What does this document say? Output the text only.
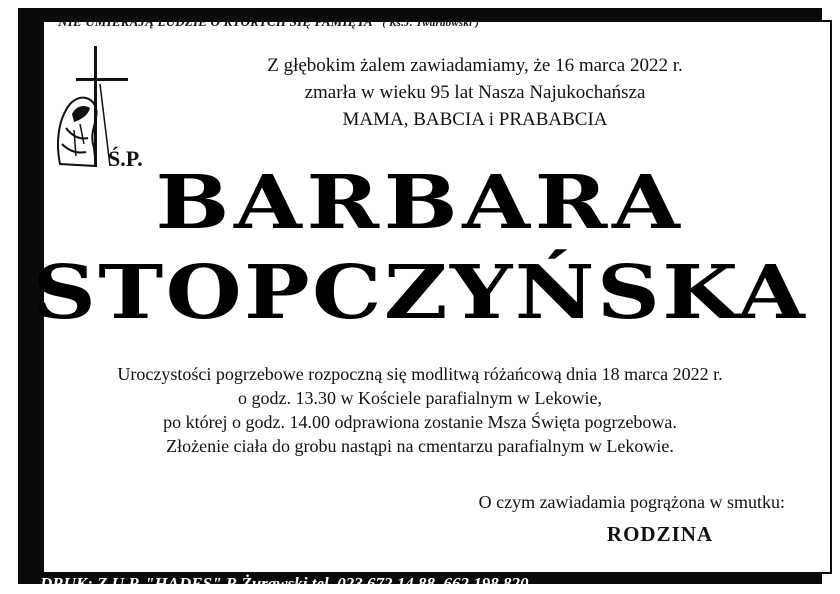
“ NIE UMIERAJĄ LUDZIE O KTÓRYCH SIĘ PAMIĘTA ”( Ks.J. Twardowski )
Ś.P.
Z głębokim żalem zawiadamiamy, że 16 marca 2022 r.
zmarła w wieku 95 lat Nasza Najukochańsza
MAMA, BABCIA i PRABABCIA
BARBARA
STOPCZYŃSKA
Uroczystości pogrzebowe rozpoczną się modlitwą różańcową dnia 18 marca 2022 r.
o godz. 13.30 w Kościele parafialnym w Lekowie,
po której o godz. 14.00 odprawiona zostanie Msza Święta pogrzebowa.
Złożenie ciała do grobu nastąpi na cmentarzu parafialnym w Lekowie.
O czym zawiadamia pogrążona w smutku:
RODZINA
DRUK: Z.U.P. "HADES" R.Żurawski tel. 023 672 14 88, 662 198 820
